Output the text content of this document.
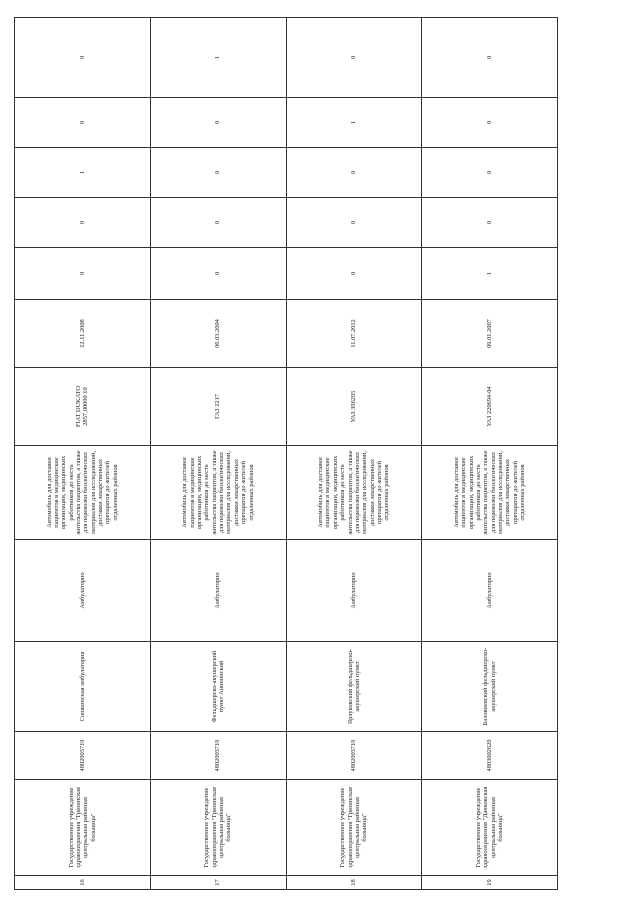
16	Государственное учреждение здравоохранения "Грязинская центральная районная больница"	4802003719	Сошкинская амбулатория	Амбулаторно	Автомобиль для доставки пациентов в медицинские организации, медицинских работников до места жительства пациентов, а также для перевозки биологических материалов для исследований, доставки лекарственных препаратов до жителей отдаленных районов	FIAT DUKATO 2857,00000 10	12.11.2008	0	0	1	0	0
17	Государственное учреждение здравоохранения "Грязинская центральная районная больница"	4802003719	Фельдшерско-акушерский пункт Анининский	Амбулаторно	Автомобиль для доставки пациентов в медицинские организации, медицинских работников до места жительства пациентов, а также для перевозки биологических материалов для исследований, доставки лекарственных препаратов до жителей отдаленных районов	ГАЗ 2217	06.03.2004	0	0	0	0	1
18	Государственное учреждение здравоохранения "Грязинская центральная районная больница"	4802003719	Ярлуковский фельдшерско-акушерский пункт	Амбулаторно	Автомобиль для доставки пациентов в медицинские организации, медицинских работников до места жительства пациентов, а также для перевозки биологических материалов для исследований, доставки лекарственных препаратов до жителей отдаленных районов	УАЗ 396295	11.07.2012	0	0	0	1	0
19	Государственное учреждение здравоохранения "Данковская центральная районная больница"	4803002620	Баловневский фельдшерско-акушерский пункт	Амбулаторно	Автомобиль для доставки пациентов в медицинские организации, медицинских работников до места жительства пациентов, а также для перевозки биологических материалов для исследований, доставки лекарственных препаратов до жителей отдаленных районов	УАЗ 220694-04	09.01.2007	1	0	0	0	0
